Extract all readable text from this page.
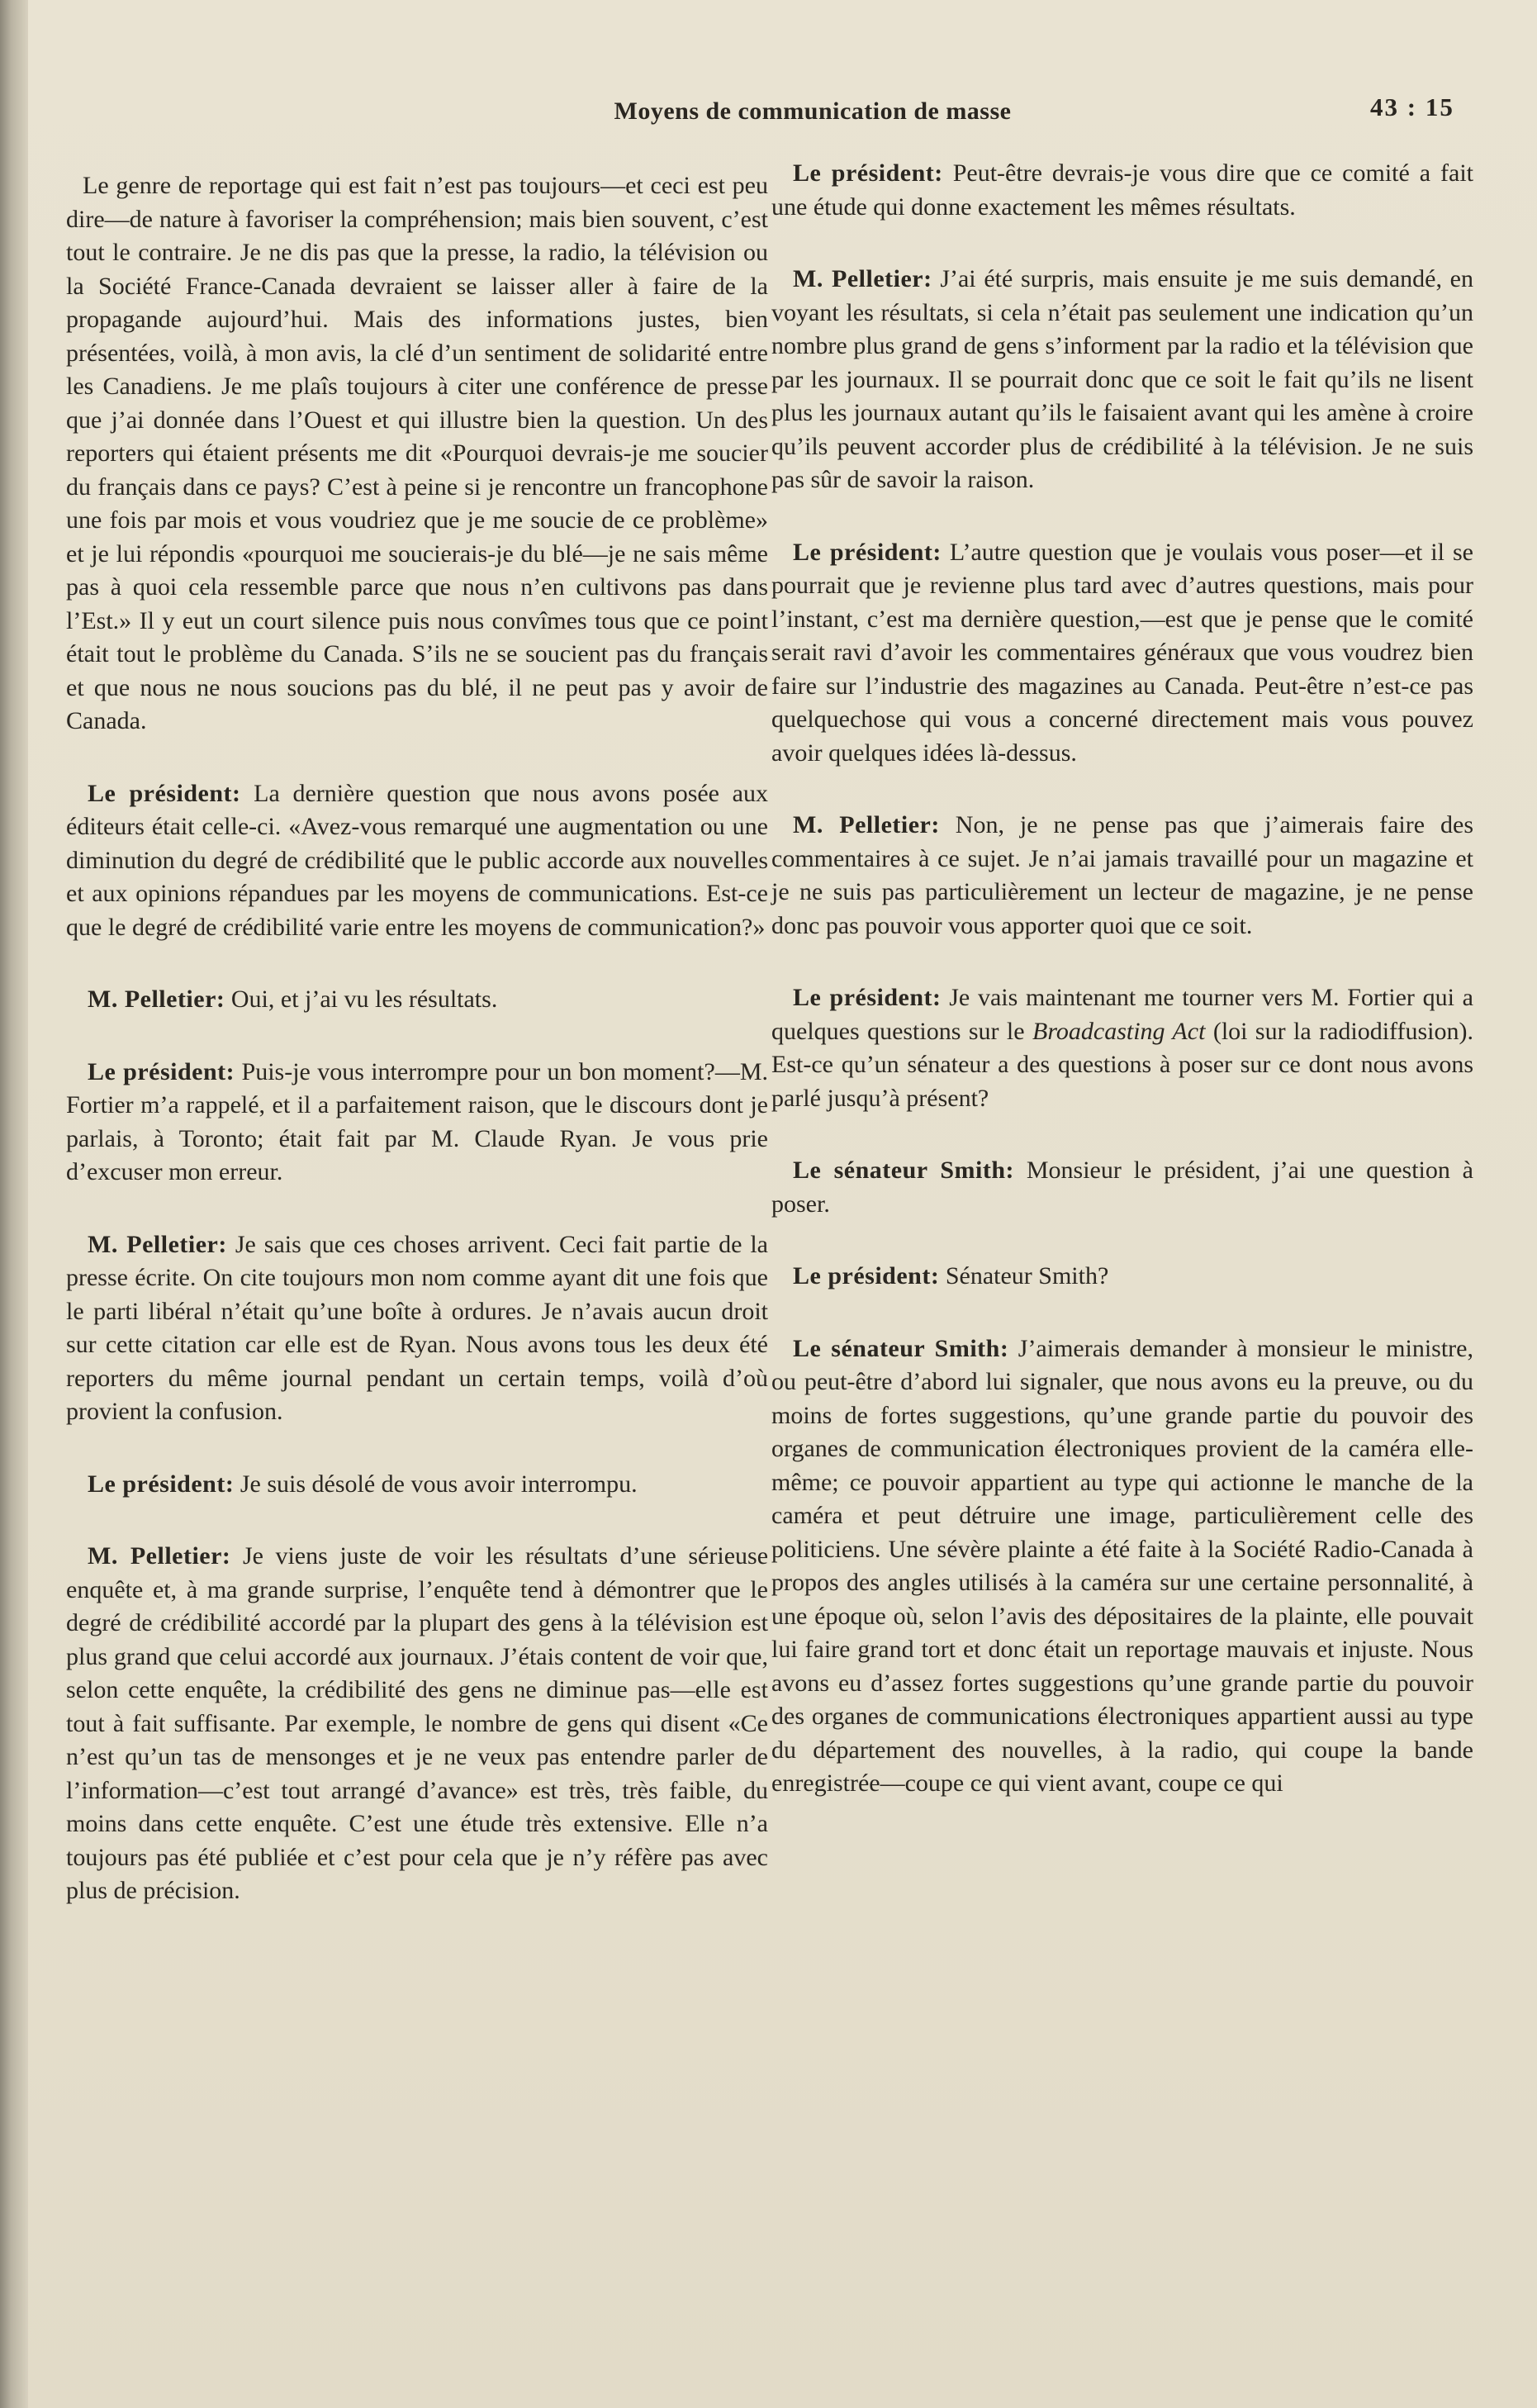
Moyens de communication de masse	43 : 15

Le genre de reportage qui est fait n’est pas toujours—et ceci est peu dire—de nature à favoriser la compréhension; mais bien souvent, c’est tout le contraire. Je ne dis pas que la presse, la radio, la télévision ou la Société France-Canada devraient se laisser aller à faire de la propagande aujourd’hui. Mais des informations justes, bien présentées, voilà, à mon avis, la clé d’un sentiment de solidarité entre les Canadiens. Je me plaîs toujours à citer une conférence de presse que j’ai donnée dans l’Ouest et qui illustre bien la question. Un des reporters qui étaient présents me dit «Pourquoi devrais-je me soucier du français dans ce pays? C’est à peine si je rencontre un francophone une fois par mois et vous voudriez que je me soucie de ce problème» et je lui répondis «pourquoi me soucierais-je du blé—je ne sais même pas à quoi cela ressemble parce que nous n’en cultivons pas dans l’Est.» Il y eut un court silence puis nous convîmes tous que ce point était tout le problème du Canada. S’ils ne se soucient pas du français et que nous ne nous soucions pas du blé, il ne peut pas y avoir de Canada.

Le président: La dernière question que nous avons posée aux éditeurs était celle-ci. «Avez-vous remarqué une augmentation ou une diminution du degré de crédibilité que le public accorde aux nouvelles et aux opinions répandues par les moyens de communications. Est-ce que le degré de crédibilité varie entre les moyens de communication?»

M. Pelletier: Oui, et j’ai vu les résultats.

Le président: Puis-je vous interrompre pour un bon moment?—M. Fortier m’a rappelé, et il a parfaitement raison, que le discours dont je parlais, à Toronto; était fait par M. Claude Ryan. Je vous prie d’excuser mon erreur.

M. Pelletier: Je sais que ces choses arrivent. Ceci fait partie de la presse écrite. On cite toujours mon nom comme ayant dit une fois que le parti libéral n’était qu’une boîte à ordures. Je n’avais aucun droit sur cette citation car elle est de Ryan. Nous avons tous les deux été reporters du même journal pendant un certain temps, voilà d’où provient la confusion.

Le président: Je suis désolé de vous avoir interrompu.

M. Pelletier: Je viens juste de voir les résultats d’une sérieuse enquête et, à ma grande surprise, l’enquête tend à démontrer que le degré de crédibilité accordé par la plupart des gens à la télévision est plus grand que celui accordé aux journaux. J’étais content de voir que, selon cette enquête, la crédibilité des gens ne diminue pas—elle est tout à fait suffisante. Par exemple, le nombre de gens qui disent «Ce n’est qu’un tas de mensonges et je ne veux pas entendre parler de l’information—c’est tout arrangé d’avance» est très, très faible, du moins dans cette enquête. C’est une étude très extensive. Elle n’a toujours pas été publiée et c’est pour cela que je n’y réfère pas avec plus de précision.

Le président: Peut-être devrais-je vous dire que ce comité a fait une étude qui donne exactement les mêmes résultats.

M. Pelletier: J’ai été surpris, mais ensuite je me suis demandé, en voyant les résultats, si cela n’était pas seulement une indication qu’un nombre plus grand de gens s’informent par la radio et la télévision que par les journaux. Il se pourrait donc que ce soit le fait qu’ils ne lisent plus les journaux autant qu’ils le faisaient avant qui les amène à croire qu’ils peuvent accorder plus de crédibilité à la télévision. Je ne suis pas sûr de savoir la raison.

Le président: L’autre question que je voulais vous poser—et il se pourrait que je revienne plus tard avec d’autres questions, mais pour l’instant, c’est ma dernière question,—est que je pense que le comité serait ravi d’avoir les commentaires généraux que vous voudrez bien faire sur l’industrie des magazines au Canada. Peut-être n’est-ce pas quelquechose qui vous a concerné directement mais vous pouvez avoir quelques idées là-dessus.

M. Pelletier: Non, je ne pense pas que j’aimerais faire des commentaires à ce sujet. Je n’ai jamais travaillé pour un magazine et je ne suis pas particulièrement un lecteur de magazine, je ne pense donc pas pouvoir vous apporter quoi que ce soit.

Le président: Je vais maintenant me tourner vers M. Fortier qui a quelques questions sur le Broadcasting Act (loi sur la radiodiffusion). Est-ce qu’un sénateur a des questions à poser sur ce dont nous avons parlé jusqu’à présent?

Le sénateur Smith: Monsieur le président, j’ai une question à poser.

Le président: Sénateur Smith?

Le sénateur Smith: J’aimerais demander à monsieur le ministre, ou peut-être d’abord lui signaler, que nous avons eu la preuve, ou du moins de fortes suggestions, qu’une grande partie du pouvoir des organes de communication électroniques provient de la caméra elle-même; ce pouvoir appartient au type qui actionne le manche de la caméra et peut détruire une image, particulièrement celle des politiciens. Une sévère plainte a été faite à la Société Radio-Canada à propos des angles utilisés à la caméra sur une certaine personnalité, à une époque où, selon l’avis des dépositaires de la plainte, elle pouvait lui faire grand tort et donc était un reportage mauvais et injuste. Nous avons eu d’assez fortes suggestions qu’une grande partie du pouvoir des organes de communications électroniques appartient aussi au type du département des nouvelles, à la radio, qui coupe la bande enregistrée—coupe ce qui vient avant, coupe ce qui
